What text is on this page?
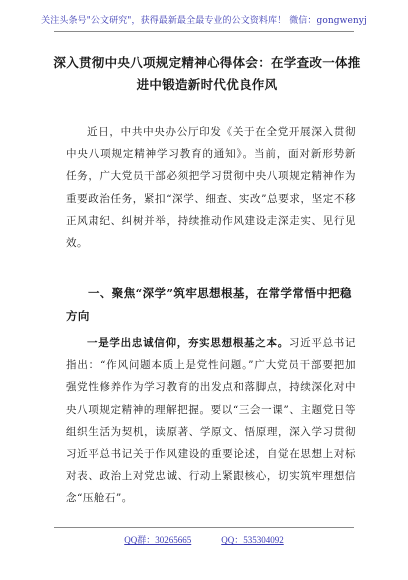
关注头条号"公文研究"，获得最新最全最专业的公文资料库！ 微信：gongwenyj
深入贯彻中央八项规定精神心得体会：在学查改一体推进中锻造新时代优良作风
近日，中共中央办公厅印发《关于在全党开展深入贯彻中央八项规定精神学习教育的通知》。当前，面对新形势新任务，广大党员干部必须把学习贯彻中央八项规定精神作为重要政治任务，紧扣“深学、细查、实改”总要求，坚定不移正风肃纪、纠树并举，持续推动作风建设走深走实、见行见效。
一、聚焦“深学”筑牢思想根基，在常学常悟中把稳方向
一是学出忠诚信仰，夯实思想根基之本。习近平总书记指出：“作风问题本质上是党性问题。”广大党员干部要把加强党性修养作为学习教育的出发点和落脚点，持续深化对中央八项规定精神的理解把握。要以“三会一课”、主题党日等组织生活为契机，读原著、学原文、悟原理，深入学习贯彻习近平总书记关于作风建设的重要论述，自觉在思想上对标对表、政治上对党忠诚、行动上紧跟核心，切实筑牢理想信念“压舱石”。
QQ群：30265665	QQ：535304092
